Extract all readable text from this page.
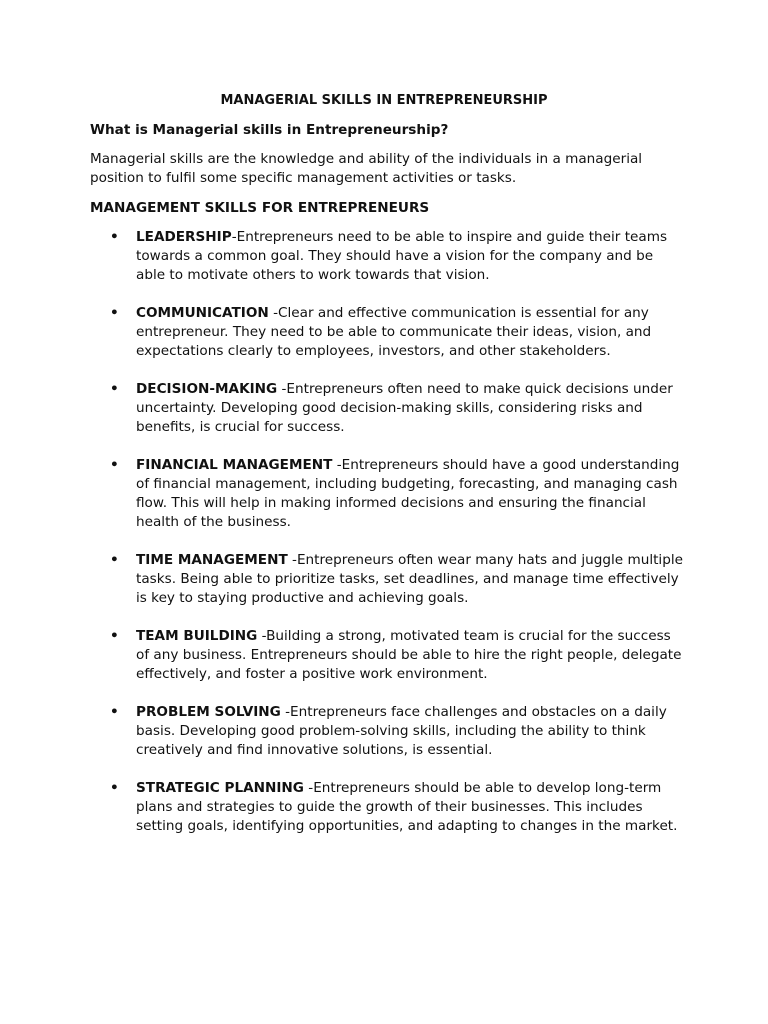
MANAGERIAL SKILLS IN ENTREPRENEURSHIP

What is Managerial skills in Entrepreneurship?

Managerial skills are the knowledge and ability of the individuals in a managerial position to fulfil some specific management activities or tasks.

MANAGEMENT SKILLS FOR ENTREPRENEURS

• LEADERSHIP-Entrepreneurs need to be able to inspire and guide their teams towards a common goal. They should have a vision for the company and be able to motivate others to work towards that vision.
• COMMUNICATION -Clear and effective communication is essential for any entrepreneur. They need to be able to communicate their ideas, vision, and expectations clearly to employees, investors, and other stakeholders.
• DECISION-MAKING -Entrepreneurs often need to make quick decisions under uncertainty. Developing good decision-making skills, considering risks and benefits, is crucial for success.
• FINANCIAL MANAGEMENT -Entrepreneurs should have a good understanding of financial management, including budgeting, forecasting, and managing cash flow. This will help in making informed decisions and ensuring the financial health of the business.
• TIME MANAGEMENT -Entrepreneurs often wear many hats and juggle multiple tasks. Being able to prioritize tasks, set deadlines, and manage time effectively is key to staying productive and achieving goals.
• TEAM BUILDING -Building a strong, motivated team is crucial for the success of any business. Entrepreneurs should be able to hire the right people, delegate effectively, and foster a positive work environment.
• PROBLEM SOLVING -Entrepreneurs face challenges and obstacles on a daily basis. Developing good problem-solving skills, including the ability to think creatively and find innovative solutions, is essential.
• STRATEGIC PLANNING -Entrepreneurs should be able to develop long-term plans and strategies to guide the growth of their businesses. This includes setting goals, identifying opportunities, and adapting to changes in the market.
